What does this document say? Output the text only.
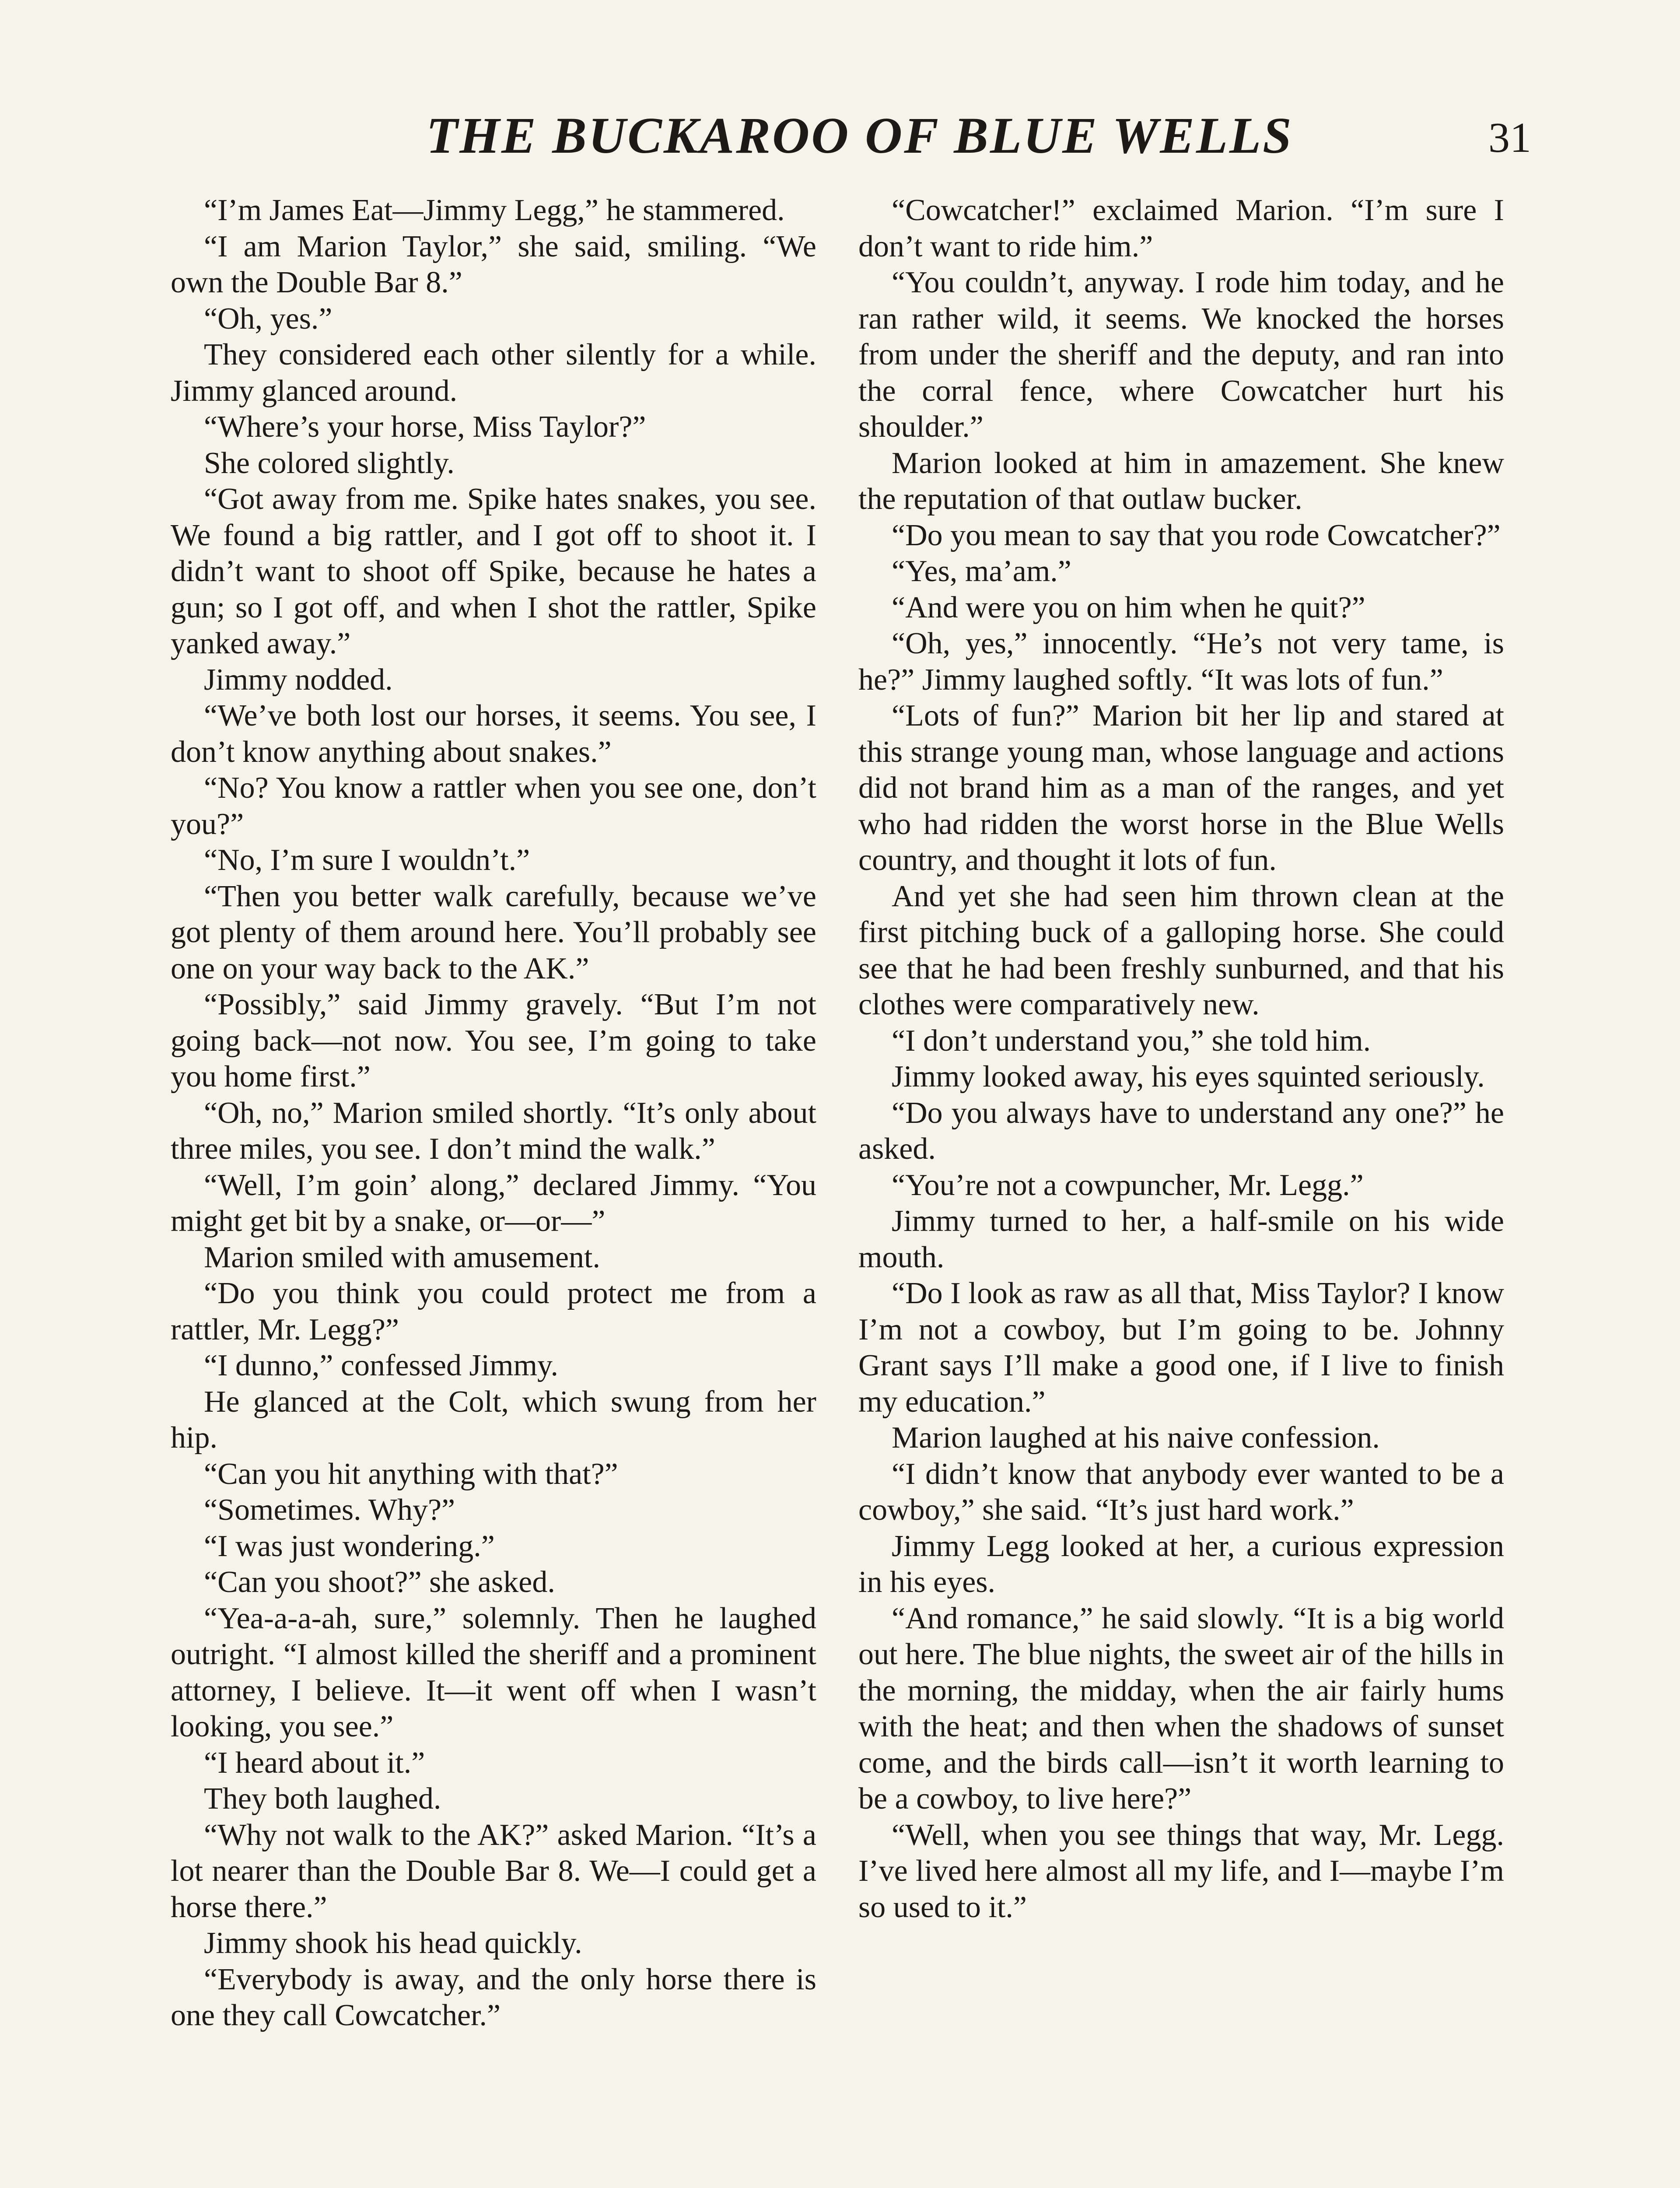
THE BUCKAROO OF BLUE WELLS	31

“I’m James Eat—Jimmy Legg,” he stammered.

“I am Marion Taylor,” she said, smiling. “We own the Double Bar 8.”

“Oh, yes.”

They considered each other silently for a while. Jimmy glanced around.

“Where’s your horse, Miss Taylor?”

She colored slightly.

“Got away from me. Spike hates snakes, you see. We found a big rattler, and I got off to shoot it. I didn’t want to shoot off Spike, because he hates a gun; so I got off, and when I shot the rattler, Spike yanked away.”

Jimmy nodded.

“We’ve both lost our horses, it seems. You see, I don’t know anything about snakes.”

“No? You know a rattler when you see one, don’t you?”

“No, I’m sure I wouldn’t.”

“Then you better walk carefully, because we’ve got plenty of them around here. You’ll probably see one on your way back to the AK.”

“Possibly,” said Jimmy gravely. “But I’m not going back—not now. You see, I’m going to take you home first.”

“Oh, no,” Marion smiled shortly. “It’s only about three miles, you see. I don’t mind the walk.”

“Well, I’m goin’ along,” declared Jimmy. “You might get bit by a snake, or—or—”

Marion smiled with amusement.

“Do you think you could protect me from a rattler, Mr. Legg?”

“I dunno,” confessed Jimmy.

He glanced at the Colt, which swung from her hip.

“Can you hit anything with that?”

“Sometimes. Why?”

“I was just wondering.”

“Can you shoot?” she asked.

“Yea-a-a-ah, sure,” solemnly. Then he laughed outright. “I almost killed the sheriff and a prominent attorney, I believe. It—it went off when I wasn’t looking, you see.”

“I heard about it.”

They both laughed.

“Why not walk to the AK?” asked Marion. “It’s a lot nearer than the Double Bar 8. We—I could get a horse there.”

Jimmy shook his head quickly.

“Everybody is away, and the only horse there is one they call Cowcatcher.”

“Cowcatcher!” exclaimed Marion. “I’m sure I don’t want to ride him.”

“You couldn’t, anyway. I rode him today, and he ran rather wild, it seems. We knocked the horses from under the sheriff and the deputy, and ran into the corral fence, where Cowcatcher hurt his shoulder.”

Marion looked at him in amazement. She knew the reputation of that outlaw bucker.

“Do you mean to say that you rode Cowcatcher?”

“Yes, ma’am.”

“And were you on him when he quit?”

“Oh, yes,” innocently. “He’s not very tame, is he?” Jimmy laughed softly. “It was lots of fun.”

“Lots of fun?” Marion bit her lip and stared at this strange young man, whose language and actions did not brand him as a man of the ranges, and yet who had ridden the worst horse in the Blue Wells country, and thought it lots of fun.

And yet she had seen him thrown clean at the first pitching buck of a galloping horse. She could see that he had been freshly sunburned, and that his clothes were comparatively new.

“I don’t understand you,” she told him.

Jimmy looked away, his eyes squinted seriously.

“Do you always have to understand any one?” he asked.

“You’re not a cowpuncher, Mr. Legg.”

Jimmy turned to her, a half-smile on his wide mouth.

“Do I look as raw as all that, Miss Taylor? I know I’m not a cowboy, but I’m going to be. Johnny Grant says I’ll make a good one, if I live to finish my education.”

Marion laughed at his naive confession.

“I didn’t know that anybody ever wanted to be a cowboy,” she said. “It’s just hard work.”

Jimmy Legg looked at her, a curious expression in his eyes.

“And romance,” he said slowly. “It is a big world out here. The blue nights, the sweet air of the hills in the morning, the midday, when the air fairly hums with the heat; and then when the shadows of sunset come, and the birds call—isn’t it worth learning to be a cowboy, to live here?”

“Well, when you see things that way, Mr. Legg. I’ve lived here almost all my life, and I—maybe I’m so used to it.”
